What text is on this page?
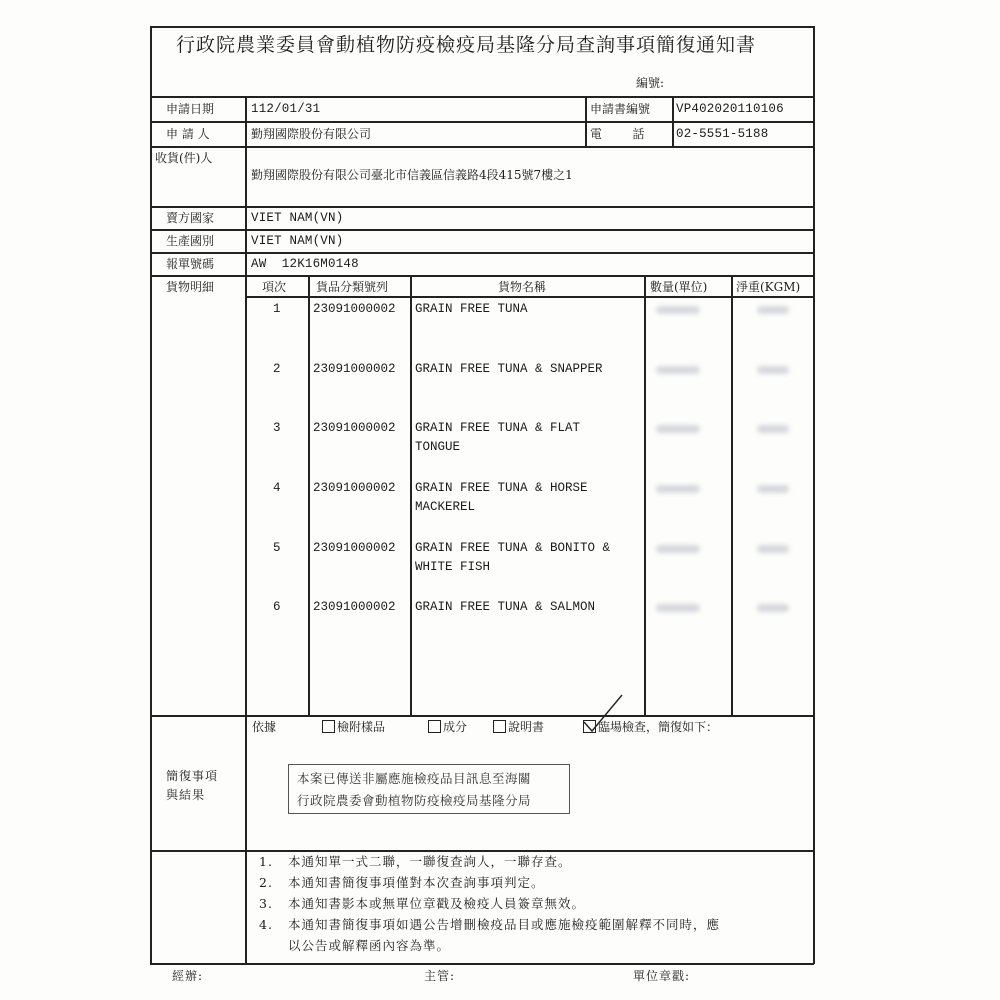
行政院農業委員會動植物防疫檢疫局基隆分局查詢事項簡復通知書
編號:
申請日期	112/01/31	申請書編號 VP402020110106
申 請 人	勤翔國際股份有限公司	電        話	02-5551-5188
收貨(件)人
勤翔國際股份有限公司臺北市信義區信義路4段415號7樓之1
賣方國家	VIET NAM(VN)
生產國別	VIET NAM(VN)
報單號碼	AW  12K16M0148
貨物明細	項次 貨品分類號列	貨物名稱	數量(單位) 淨重(KGM)
1	23091000002 GRAIN FREE TUNA
2	23091000002 GRAIN FREE TUNA & SNAPPER
3	23091000002 GRAIN FREE TUNA & FLAT
TONGUE
4	23091000002 GRAIN FREE TUNA & HORSE
MACKEREL
5	23091000002 GRAIN FREE TUNA & BONITO &
WHITE FISH
6	23091000002 GRAIN FREE TUNA & SALMON
簡復事項
與結果
依據	檢附樣品	成分	說明書	臨場檢查，簡復如下：
本案已傳送非屬應施檢疫品目訊息至海關
行政院農委會動植物防疫檢疫局基隆分局
1. 本通知單一式二聯，一聯復查詢人，一聯存查。
2. 本通知書簡復事項僅對本次查詢事項判定。
3. 本通知書影本或無單位章戳及檢疫人員簽章無效。
4. 本通知書簡復事項如遇公告增刪檢疫品目或應施檢疫範圍解釋不同時，應
以公告或解釋函內容為準。
經辦:	主管:	單位章戳:
